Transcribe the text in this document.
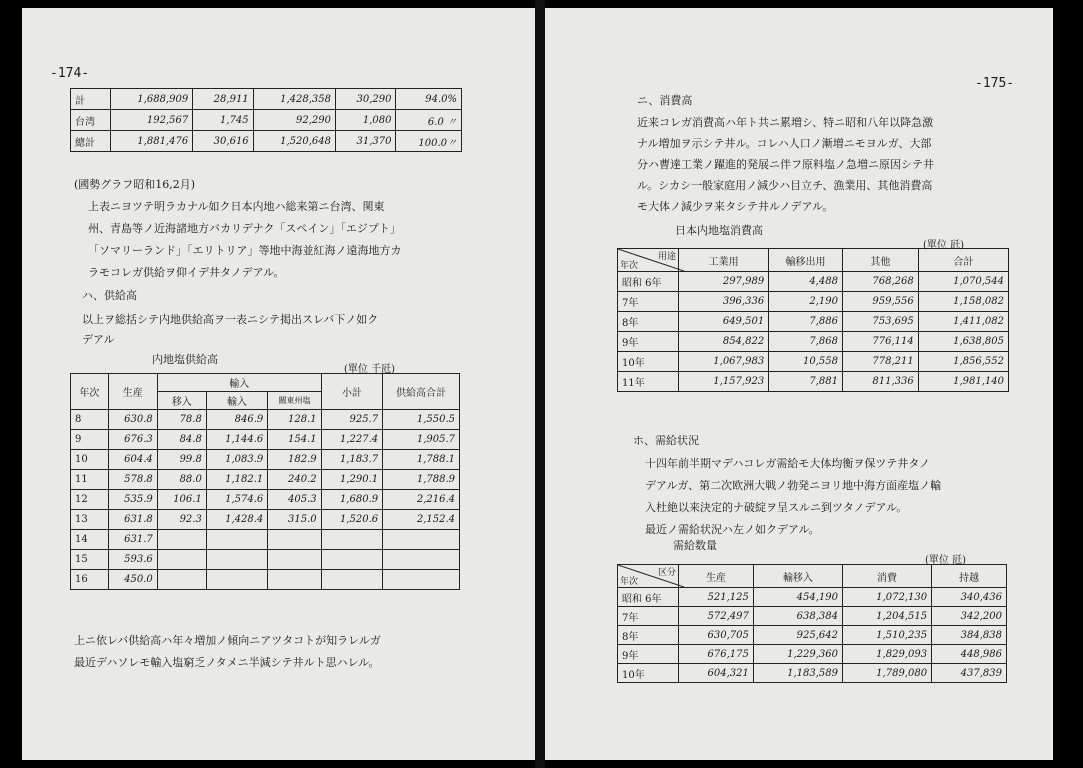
-174-
計	1,688,909	28,911	1,428,358	30,290	94.0%
台湾	192,567	1,745	92,290	1,080	6.0 〃
總計	1,881,476	30,616	1,520,648	31,370	100.0〃
(國勢グラフ昭和16,2月)
上表ニヨツテ明ラカナル如ク日本内地ハ総来第ニ台湾、関東
州、青島等ノ近海諸地方バカリデナク「スペイン」「エジプト」
「ソマリーランド」「エリトリア」等地中海並紅海ノ遠海地方カ
ラモコレガ供給ヲ仰イデ井タノデアル。
ハ、供給高
以上ヲ総括シテ内地供給高ヲ一表ニシテ掲出スレバ下ノ如ク
デアル
内地塩供給高
(單位 千瓩)
年次	生産	輸入			小計	供給高合計
		移入	輸入	關東州塩		
8	630.8	78.8	846.9	128.1	925.7	1,550.5
9	676.3	84.8	1,144.6	154.1	1,227.4	1,905.7
10	604.4	99.8	1,083.9	182.9	1,183.7	1,788.1
11	578.8	88.0	1,182.1	240.2	1,290.1	1,788.9
12	535.9	106.1	1,574.6	405.3	1,680.9	2,216.4
13	631.8	92.3	1,428.4	315.0	1,520.6	2,152.4
14	631.7					
15	593.6					
16	450.0					
上ニ依レバ供給高ハ年々増加ノ傾向ニアツタコトが知ラレルガ
最近デハソレモ輸入塩窮乏ノタメニ半減シテ井ルト思ハレル。
-175-
ニ、消費高
近来コレガ消費高ハ年ト共ニ累増シ、特ニ昭和八年以降急激
ナル増加ヲ示シテ井ル。コレハ人口ノ漸増ニモヨルガ、大部
分ハ曹達工業ノ躍進的発展ニ伴フ原料塩ノ急増ニ原因シテ井
ル。シカシ一般家庭用ノ減少ハ目立チ、漁業用、其他消費高
モ大体ノ減少ヲ来タシテ井ルノデアル。
日本内地塩消費高
(單位 瓩)
用途
年次	工業用	輸移出用	其他	合計
昭和 6年	297,989	4,488	768,268	1,070,544
7年	396,336	2,190	959,556	1,158,082
8年	649,501	7,886	753,695	1,411,082
9年	854,822	7,868	776,114	1,638,805
10年	1,067,983	10,558	778,211	1,856,552
11年	1,157,923	7,881	811,336	1,981,140
ホ、需給状況
十四年前半期マデハコレガ需給モ大体均衡ヲ保ツテ井タノ
デアルガ、第二次欧洲大戦ノ勃発ニヨリ地中海方面産塩ノ輸
入杜絶以来決定的ナ破綻ヲ呈スルニ到ツタノデアル。
最近ノ需給状況ハ左ノ如クデアル。
需給数量
(單位 瓩)
区分
年次	生産	輸移入	消費	持越
昭和 6年	521,125	454,190	1,072,130	340,436
7年	572,497	638,384	1,204,515	342,200
8年	630,705	925,642	1,510,235	384,838
9年	676,175	1,229,360	1,829,093	448,986
10年	604,321	1,183,589	1,789,080	437,839
